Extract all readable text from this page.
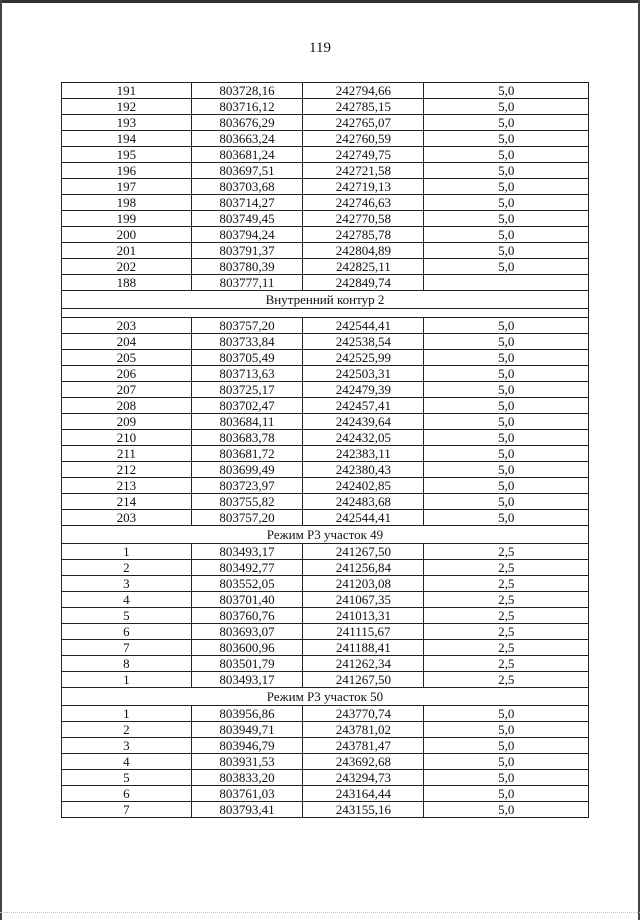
119
191	803728,16	242794,66	5,0
192	803716,12	242785,15	5,0
193	803676,29	242765,07	5,0
194	803663,24	242760,59	5,0
195	803681,24	242749,75	5,0
196	803697,51	242721,58	5,0
197	803703,68	242719,13	5,0
198	803714,27	242746,63	5,0
199	803749,45	242770,58	5,0
200	803794,24	242785,78	5,0
201	803791,37	242804,89	5,0
202	803780,39	242825,11	5,0
188	803777,11	242849,74	
Внутренний контур 2			

203	803757,20	242544,41	5,0
204	803733,84	242538,54	5,0
205	803705,49	242525,99	5,0
206	803713,63	242503,31	5,0
207	803725,17	242479,39	5,0
208	803702,47	242457,41	5,0
209	803684,11	242439,64	5,0
210	803683,78	242432,05	5,0
211	803681,72	242383,11	5,0
212	803699,49	242380,43	5,0
213	803723,97	242402,85	5,0
214	803755,82	242483,68	5,0
203	803757,20	242544,41	5,0
Режим Р3 участок 49			
1	803493,17	241267,50	2,5
2	803492,77	241256,84	2,5
3	803552,05	241203,08	2,5
4	803701,40	241067,35	2,5
5	803760,76	241013,31	2,5
6	803693,07	241115,67	2,5
7	803600,96	241188,41	2,5
8	803501,79	241262,34	2,5
1	803493,17	241267,50	2,5
Режим Р3 участок 50			
1	803956,86	243770,74	5,0
2	803949,71	243781,02	5,0
3	803946,79	243781,47	5,0
4	803931,53	243692,68	5,0
5	803833,20	243294,73	5,0
6	803761,03	243164,44	5,0
7	803793,41	243155,16	5,0
